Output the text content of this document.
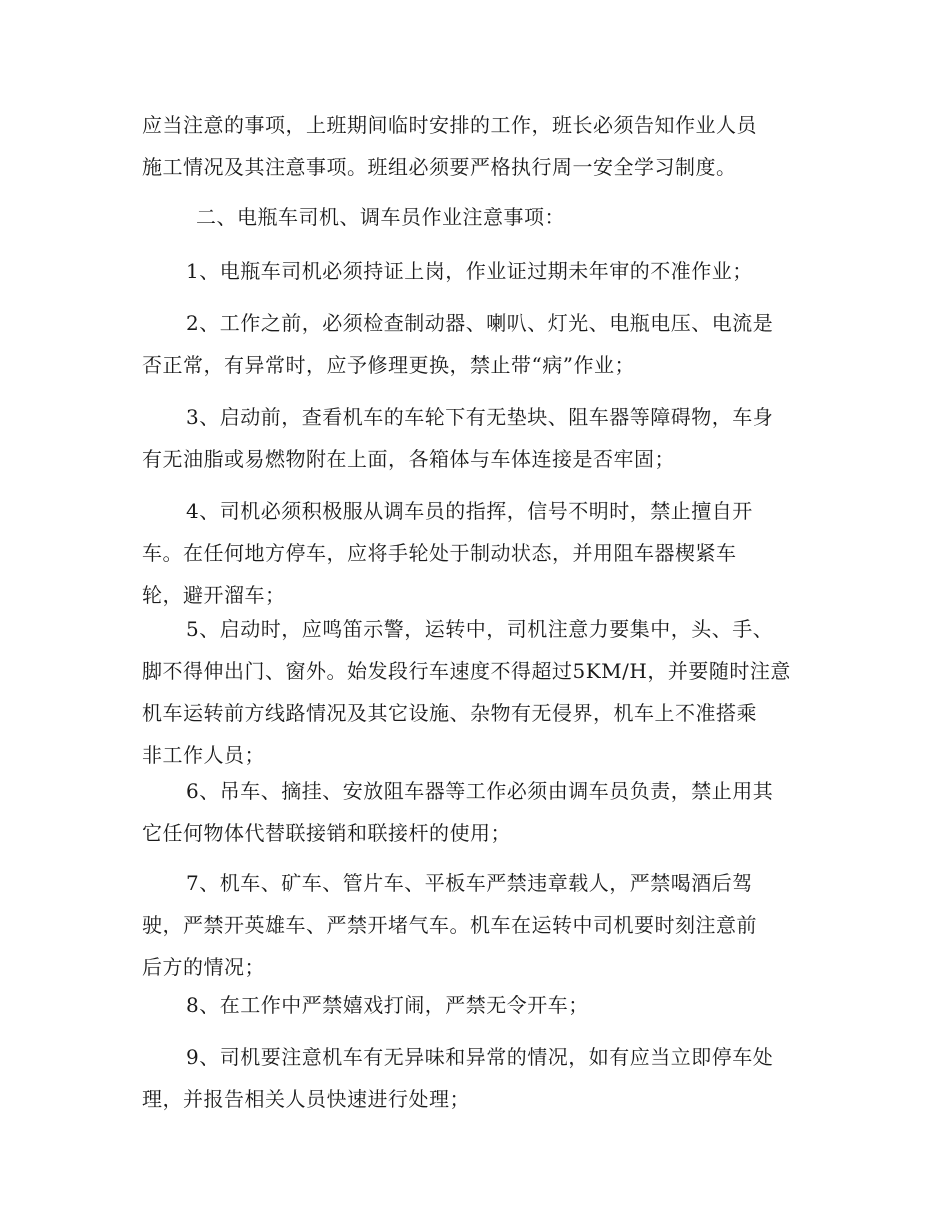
应当注意的事项，上班期间临时安排的工作，班长必须告知作业人员
施工情况及其注意事项。班组必须要严格执行周一安全学习制度。

二、电瓶车司机、调车员作业注意事项：

1、电瓶车司机必须持证上岗，作业证过期未年审的不准作业；

2、工作之前，必须检查制动器、喇叭、灯光、电瓶电压、电流是
否正常，有异常时，应予修理更换，禁止带“病”作业；

3、启动前，查看机车的车轮下有无垫块、阻车器等障碍物，车身
有无油脂或易燃物附在上面，各箱体与车体连接是否牢固；

4、司机必须积极服从调车员的指挥，信号不明时，禁止擅自开
车。在任何地方停车，应将手轮处于制动状态，并用阻车器楔紧车
轮，避开溜车；

5、启动时，应鸣笛示警，运转中，司机注意力要集中，头、手、
脚不得伸出门、窗外。始发段行车速度不得超过5KM/H，并要随时注意
机车运转前方线路情况及其它设施、杂物有无侵界，机车上不准搭乘
非工作人员；

6、吊车、摘挂、安放阻车器等工作必须由调车员负责，禁止用其
它任何物体代替联接销和联接杆的使用；

7、机车、矿车、管片车、平板车严禁违章载人，严禁喝酒后驾
驶，严禁开英雄车、严禁开堵气车。机车在运转中司机要时刻注意前
后方的情况；

8、在工作中严禁嬉戏打闹，严禁无令开车；

9、司机要注意机车有无异味和异常的情况，如有应当立即停车处
理，并报告相关人员快速进行处理；
